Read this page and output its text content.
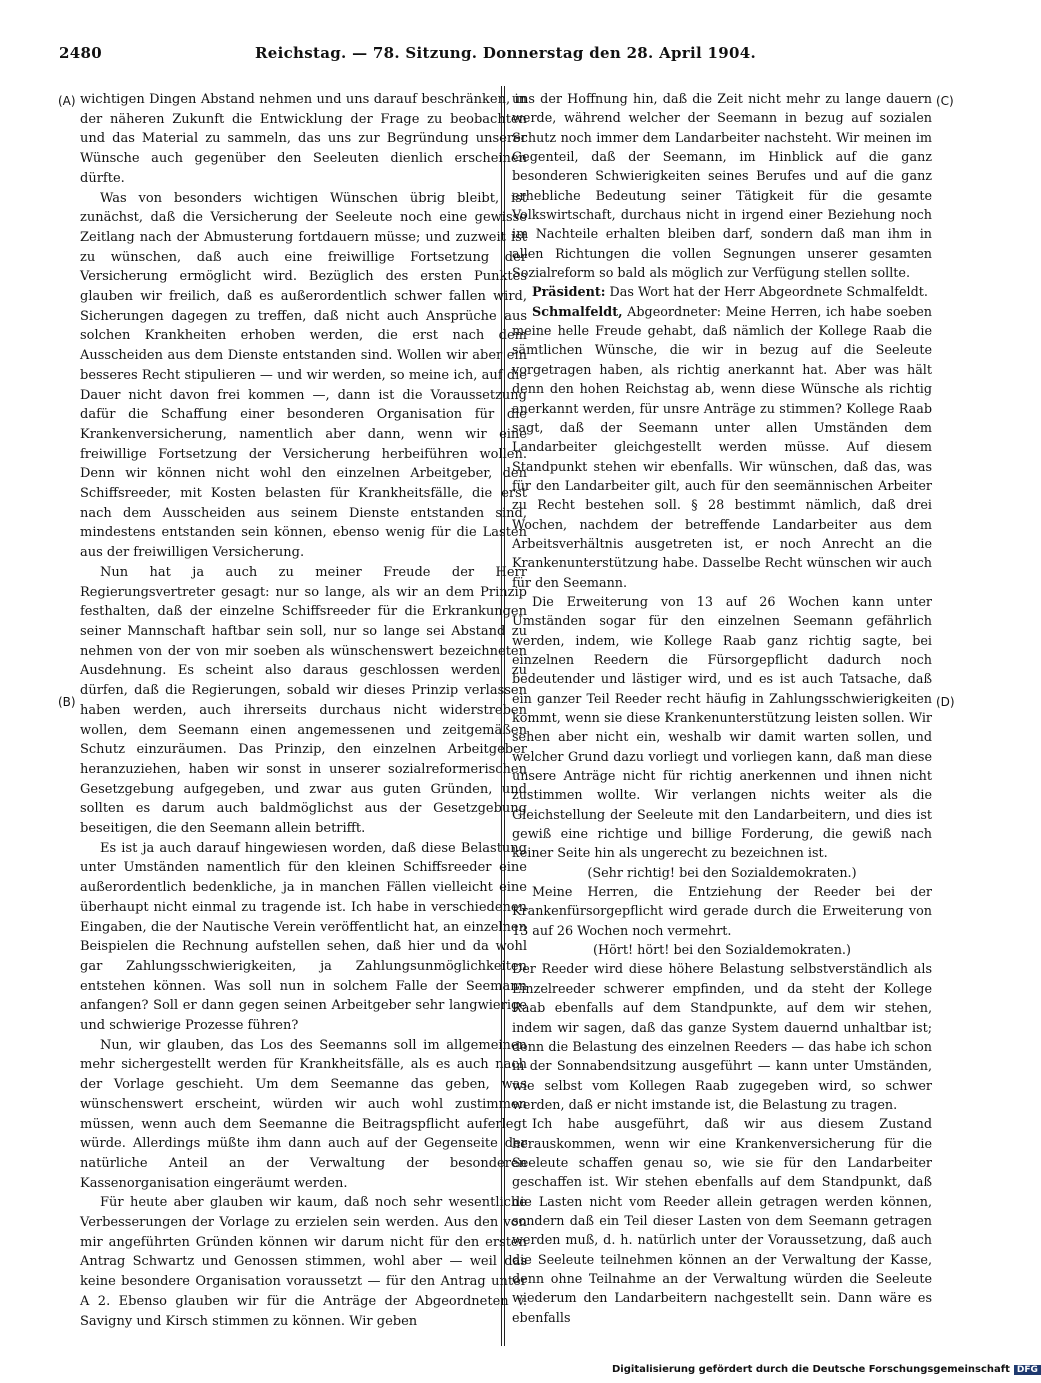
2480	Reichstag. — 78. Sitzung. Donnerstag den 28. April 1904.
(A)
(B)
(C)
(D)

wichtigen Dingen Abstand nehmen und uns darauf beschränken, in der näheren Zukunft die Entwicklung der Frage zu beobachten und das Material zu sammeln, das uns zur Begründung unserer Wünsche auch gegenüber den Seeleuten dienlich erscheinen dürfte.

Was von besonders wichtigen Wünschen übrig bleibt, ist zunächst, daß die Versicherung der Seeleute noch eine gewisse Zeitlang nach der Abmusterung fortdauern müsse; und zuzweit ist zu wünschen, daß auch eine freiwillige Fortsetzung der Versicherung ermöglicht wird. Bezüglich des ersten Punktes glauben wir freilich, daß es außerordentlich schwer fallen wird, Sicherungen dagegen zu treffen, daß nicht auch Ansprüche aus solchen Krankheiten erhoben werden, die erst nach dem Ausscheiden aus dem Dienste entstanden sind. Wollen wir aber ein besseres Recht stipulieren — und wir werden, so meine ich, auf die Dauer nicht davon frei kommen —, dann ist die Voraussetzung dafür die Schaffung einer besonderen Organisation für die Krankenversicherung, namentlich aber dann, wenn wir eine freiwillige Fortsetzung der Versicherung herbeiführen wollen. Denn wir können nicht wohl den einzelnen Arbeitgeber, den Schiffsreeder, mit Kosten belasten für Krankheitsfälle, die erst nach dem Ausscheiden aus seinem Dienste entstanden sind, mindestens entstanden sein können, ebenso wenig für die Lasten aus der freiwilligen Versicherung.

Nun hat ja auch zu meiner Freude der Herr Regierungsvertreter gesagt: nur so lange, als wir an dem Prinzip festhalten, daß der einzelne Schiffsreeder für die Erkrankungen seiner Mannschaft haftbar sein soll, nur so lange sei Abstand zu nehmen von der von mir soeben als wünschenswert bezeichneten Ausdehnung. Es scheint also daraus geschlossen werden zu dürfen, daß die Regierungen, sobald wir dieses Prinzip verlassen haben werden, auch ihrerseits durchaus nicht widerstreben wollen, dem Seemann einen angemessenen und zeitgemäßen Schutz einzuräumen. Das Prinzip, den einzelnen Arbeitgeber heranzuziehen, haben wir sonst in unserer sozialreformerischen Gesetzgebung aufgegeben, und zwar aus guten Gründen, und sollten es darum auch baldmöglichst aus der Gesetzgebung beseitigen, die den Seemann allein betrifft.

Es ist ja auch darauf hingewiesen worden, daß diese Belastung unter Umständen namentlich für den kleinen Schiffsreeder eine außerordentlich bedenkliche, ja in manchen Fällen vielleicht eine überhaupt nicht einmal zu tragende ist. Ich habe in verschiedenen Eingaben, die der Nautische Verein veröffentlicht hat, an einzelnen Beispielen die Rechnung aufstellen sehen, daß hier und da wohl gar Zahlungsschwierigkeiten, ja Zahlungsunmöglichkeiten entstehen können. Was soll nun in solchem Falle der Seemann anfangen? Soll er dann gegen seinen Arbeitgeber sehr langwierige und schwierige Prozesse führen?

Nun, wir glauben, das Los des Seemanns soll im allgemeinen mehr sichergestellt werden für Krankheitsfälle, als es auch nach der Vorlage geschieht. Um dem Seemanne das geben, was wünschenswert erscheint, würden wir auch wohl zustimmen müssen, wenn auch dem Seemanne die Beitragspflicht auferlegt würde. Allerdings müßte ihm dann auch auf der Gegenseite der natürliche Anteil an der Verwaltung der besonderen Kassenorganisation eingeräumt werden.

Für heute aber glauben wir kaum, daß noch sehr wesentliche Verbesserungen der Vorlage zu erzielen sein werden. Aus den von mir angeführten Gründen können wir darum nicht für den ersten Antrag Schwartz und Genossen stimmen, wohl aber — weil das keine besondere Organisation voraussetzt — für den Antrag unter A 2. Ebenso glauben wir für die Anträge der Abgeordneten v. Savigny und Kirsch stimmen zu können. Wir geben

uns der Hoffnung hin, daß die Zeit nicht mehr zu lange dauern werde, während welcher der Seemann in bezug auf sozialen Schutz noch immer dem Landarbeiter nachsteht. Wir meinen im Gegenteil, daß der Seemann, im Hinblick auf die ganz besonderen Schwierigkeiten seines Berufes und auf die ganz erhebliche Bedeutung seiner Tätigkeit für die gesamte Volkswirtschaft, durchaus nicht in irgend einer Beziehung noch im Nachteile erhalten bleiben darf, sondern daß man ihm in allen Richtungen die vollen Segnungen unserer gesamten Sozialreform so bald als möglich zur Verfügung stellen sollte.

Präsident: Das Wort hat der Herr Abgeordnete Schmalfeldt.

Schmalfeldt, Abgeordneter: Meine Herren, ich habe soeben meine helle Freude gehabt, daß nämlich der Kollege Raab die sämtlichen Wünsche, die wir in bezug auf die Seeleute vorgetragen haben, als richtig anerkannt hat. Aber was hält denn den hohen Reichstag ab, wenn diese Wünsche als richtig anerkannt werden, für unsre Anträge zu stimmen? Kollege Raab sagt, daß der Seemann unter allen Umständen dem Landarbeiter gleichgestellt werden müsse. Auf diesem Standpunkt stehen wir ebenfalls. Wir wünschen, daß das, was für den Landarbeiter gilt, auch für den seemännischen Arbeiter zu Recht bestehen soll. § 28 bestimmt nämlich, daß drei Wochen, nachdem der betreffende Landarbeiter aus dem Arbeitsverhältnis ausgetreten ist, er noch Anrecht an die Krankenunterstützung habe. Dasselbe Recht wünschen wir auch für den Seemann.

Die Erweiterung von 13 auf 26 Wochen kann unter Umständen sogar für den einzelnen Seemann gefährlich werden, indem, wie Kollege Raab ganz richtig sagte, bei einzelnen Reedern die Fürsorgepflicht dadurch noch bedeutender und lästiger wird, und es ist auch Tatsache, daß ein ganzer Teil Reeder recht häufig in Zahlungsschwierigkeiten kommt, wenn sie diese Krankenunterstützung leisten sollen. Wir sehen aber nicht ein, weshalb wir damit warten sollen, und welcher Grund dazu vorliegt und vorliegen kann, daß man diese unsere Anträge nicht für richtig anerkennen und ihnen nicht zustimmen wollte. Wir verlangen nichts weiter als die Gleichstellung der Seeleute mit den Landarbeitern, und dies ist gewiß eine richtige und billige Forderung, die gewiß nach keiner Seite hin als ungerecht zu bezeichnen ist.

(Sehr richtig! bei den Sozialdemokraten.)

Meine Herren, die Entziehung der Reeder bei der Krankenfürsorgepflicht wird gerade durch die Erweiterung von 13 auf 26 Wochen noch vermehrt.

(Hört! hört! bei den Sozialdemokraten.)

Der Reeder wird diese höhere Belastung selbstverständlich als Einzelreeder schwerer empfinden, und da steht der Kollege Raab ebenfalls auf dem Standpunkte, auf dem wir stehen, indem wir sagen, daß das ganze System dauernd unhaltbar ist; denn die Belastung des einzelnen Reeders — das habe ich schon in der Sonnabendsitzung ausgeführt — kann unter Umständen, wie selbst vom Kollegen Raab zugegeben wird, so schwer werden, daß er nicht imstande ist, die Belastung zu tragen.

Ich habe ausgeführt, daß wir aus diesem Zustand herauskommen, wenn wir eine Krankenversicherung für die Seeleute schaffen genau so, wie sie für den Landarbeiter geschaffen ist. Wir stehen ebenfalls auf dem Standpunkt, daß die Lasten nicht vom Reeder allein getragen werden können, sondern daß ein Teil dieser Lasten von dem Seemann getragen werden muß, d. h. natürlich unter der Voraussetzung, daß auch die Seeleute teilnehmen können an der Verwaltung der Kasse, denn ohne Teilnahme an der Verwaltung würden die Seeleute wiederum den Landarbeitern nachgestellt sein. Dann wäre es ebenfalls

Digitalisierung gefördert durch die Deutsche Forschungsgemeinschaft DFG
